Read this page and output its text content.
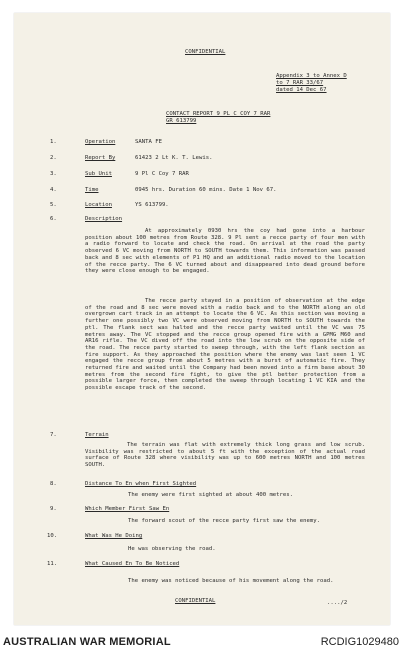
CONFIDENTIAL
Appendix 3 to Annex D
to 7 RAR 33/67
dated 14 Dec 67
CONTACT REPORT 9 PL C COY 7 RAR
GR 613799
1.	Operation	SANTA FE
2.	Report By	61423 2 Lt K. T. Lewis.
3.	Sub Unit	9 Pl C Coy 7 RAR
4.	Time	0945 hrs. Duration 60 mins. Date 1 Nov 67.
5.	Location	YS 613799.
6.	Description
At approximately 0930 hrs the coy had gone into a harbour position about 100 metres from Route 328. 9 Pl sent a recce party of four men with a radio forward to locate and check the road. On arrival at the road the party observed 6 VC moving from NORTH to SOUTH towards them. This information was passed back and 8 sec with elements of P1 HQ and an additional radio moved to the location of the recce party. The 6 VC turned about and disappeared into dead ground before they were close enough to be engaged.
The recce party stayed in a position of observation at the edge of the road and 8 sec were moved with a radio back and to the NORTH along an old overgrown cart track in an attempt to locate the 6 VC. As this section was moving a further one possibly two VC were observed moving from NORTH to SOUTH towards the ptl. The flank sect was halted and the recce party waited until the VC was 75 metres away. The VC stopped and the recce group opened fire with a GPMG M60 and AR16 rifle. The VC dived off the road into the low scrub on the opposite side of the road. The recce party started to sweep through, with the left flank section as fire support. As they approached the position where the enemy was last seen 1 VC engaged the recce group from about 5 metres with a burst of automatic fire. They returned fire and waited until the Company had been moved into a firm base about 30 metres from the second fire fight, to give the ptl better protection from a possible larger force, then completed the sweep through locating 1 VC KIA and the possible escape track of the second.
7.	Terrain
The terrain was flat with extremely thick long grass and low scrub. Visibility was restricted to about 5 ft with the exception of the actual road surface of Route 328 where visibility was up to 600 metres NORTH and 100 metres SOUTH.
8.	Distance To En when First Sighted
The enemy were first sighted at about 400 metres.
9.	Which Member First Saw En
The forward scout of the recce party first saw the enemy.
10.	What Was He Doing
He was observing the road.
11.	What Caused En To Be Noticed
The enemy was noticed because of his movement along the road.
CONFIDENTIAL	..../2
AUSTRALIAN WAR MEMORIAL	RCDIG1029480
